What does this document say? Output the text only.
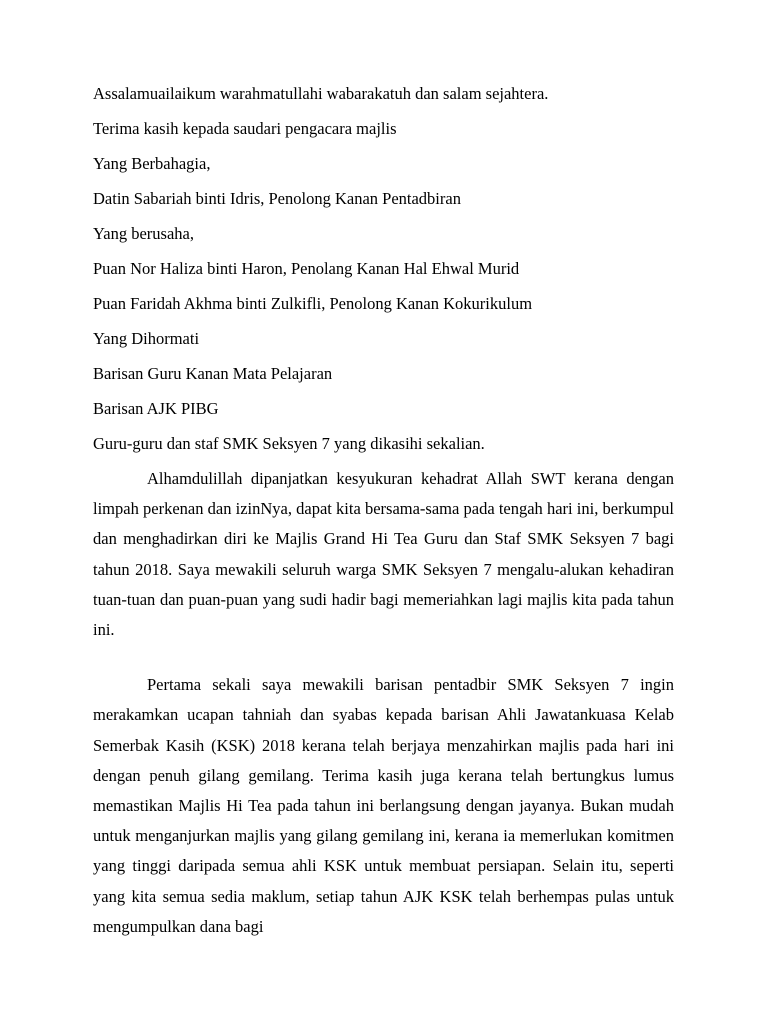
Assalamuailaikum warahmatullahi wabarakatuh dan salam sejahtera.
Terima kasih kepada saudari pengacara majlis
Yang Berbahagia,
Datin Sabariah binti Idris, Penolong Kanan Pentadbiran
Yang berusaha,
Puan Nor Haliza binti Haron, Penolang Kanan Hal Ehwal Murid
Puan Faridah Akhma binti Zulkifli, Penolong Kanan Kokurikulum
Yang Dihormati
Barisan Guru Kanan Mata Pelajaran
Barisan AJK PIBG
Guru-guru dan staf SMK Seksyen 7 yang dikasihi sekalian.

Alhamdulillah dipanjatkan kesyukuran kehadrat Allah SWT kerana dengan limpah perkenan dan izinNya, dapat kita bersama-sama pada tengah hari ini, berkumpul dan menghadirkan diri ke Majlis Grand Hi Tea Guru dan Staf SMK Seksyen 7 bagi tahun 2018. Saya mewakili seluruh warga SMK Seksyen 7 mengalu-alukan kehadiran tuan-tuan dan puan-puan yang sudi hadir bagi memeriahkan lagi majlis kita pada tahun ini.

Pertama sekali saya mewakili barisan pentadbir SMK Seksyen 7 ingin merakamkan ucapan tahniah dan syabas kepada barisan Ahli Jawatankuasa Kelab Semerbak Kasih (KSK) 2018 kerana telah berjaya menzahirkan majlis pada hari ini dengan penuh gilang gemilang. Terima kasih juga kerana telah bertungkus lumus memastikan Majlis Hi Tea pada tahun ini berlangsung dengan jayanya. Bukan mudah untuk menganjurkan majlis yang gilang gemilang ini, kerana ia memerlukan komitmen yang tinggi daripada semua ahli KSK untuk membuat persiapan. Selain itu, seperti yang kita semua sedia maklum, setiap tahun AJK KSK telah berhempas pulas untuk mengumpulkan dana bagi
